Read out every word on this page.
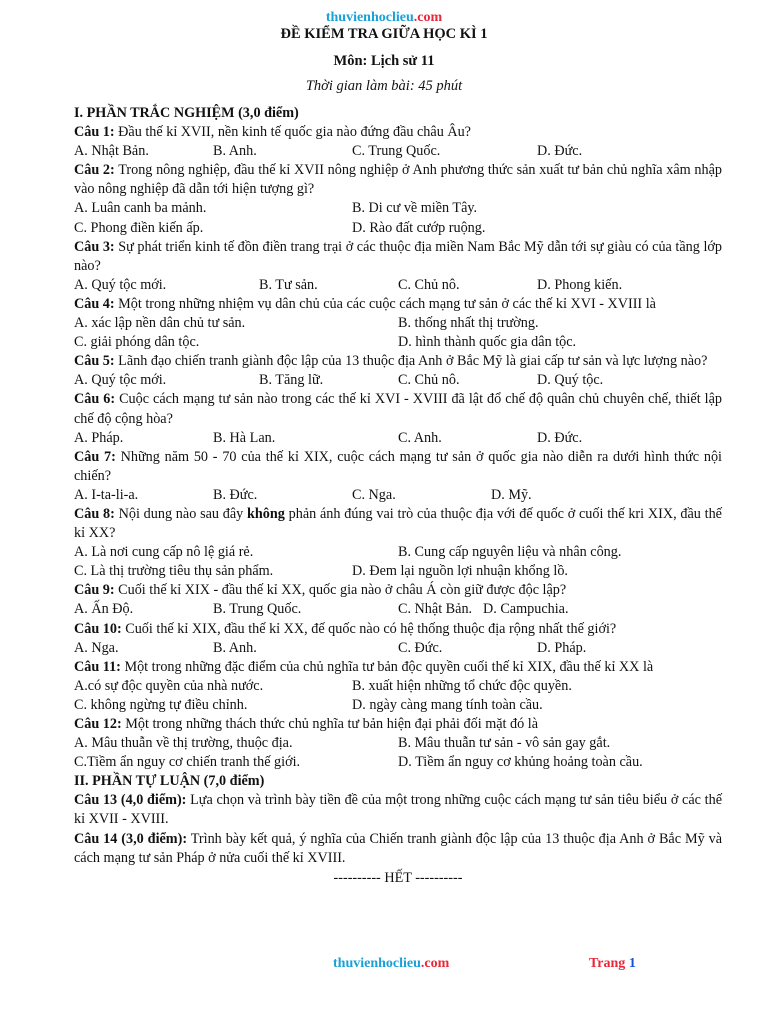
thuvienhoclieu.com
ĐỀ KIỂM TRA GIỮA HỌC KÌ 1
Môn: Lịch sử 11
Thời gian làm bài: 45 phút
I. PHẦN TRẮC NGHIỆM (3,0 điểm)
Câu 1: Đầu thế kỉ XVII, nền kinh tế quốc gia nào đứng đầu châu Âu?
A. Nhật Bản.	B. Anh.	C. Trung Quốc.	D. Đức.
Câu 2: Trong nông nghiệp, đầu thế kỉ XVII nông nghiệp ở Anh phương thức sản xuất tư bản chủ nghĩa xâm nhập vào nông nghiệp đã dẫn tới hiện tượng gì?
A. Luân canh ba mảnh.	B. Di cư về miền Tây.
C. Phong điền kiến ấp.	D. Rào đất cướp ruộng.
Câu 3: Sự phát triển kinh tế đồn điền trang trại ở các thuộc địa miền Nam Bắc Mỹ dẫn tới sự giàu có của tầng lớp nào?
A. Quý tộc mới.	B. Tư sản.	C. Chủ nô.	D. Phong kiến.
Câu 4: Một trong những nhiệm vụ dân chủ của các cuộc cách mạng tư sản ở các thế kỉ XVI - XVIII là
A. xác lập nền dân chủ tư sản.	B. thống nhất thị trường.
C. giải phóng dân tộc.	D. hình thành quốc gia dân tộc.
Câu 5: Lãnh đạo chiến tranh giành độc lập của 13 thuộc địa Anh ở Bắc Mỹ là giai cấp tư sản và lực lượng nào?
A. Quý tộc mới.	B. Tăng lữ.	C. Chủ nô.	D. Quý tộc.
Câu 6: Cuộc cách mạng tư sản nào trong các thế kỉ XVI - XVIII đã lật đổ chế độ quân chủ chuyên chế, thiết lập chế độ cộng hòa?
A. Pháp.	B. Hà Lan.	C. Anh.	D. Đức.
Câu 7: Những năm 50 - 70 của thế kỉ XIX, cuộc cách mạng tư sản ở quốc gia nào diễn ra dưới hình thức nội chiến?
A. I-ta-li-a.	B. Đức.	C. Nga.	D. Mỹ.
Câu 8: Nội dung nào sau đây không phản ánh đúng vai trò của thuộc địa với đế quốc ở cuối thế kri XIX, đầu thế kỉ XX?
A. Là nơi cung cấp nô lệ giá rẻ.	B. Cung cấp nguyên liệu và nhân công.
C. Là thị trường tiêu thụ sản phẩm.	D. Đem lại nguồn lợi nhuận khổng lồ.
Câu 9: Cuối thế kỉ XIX - đầu thế kỉ XX, quốc gia nào ở châu Á còn giữ được độc lập?
A. Ấn Độ.	B. Trung Quốc.	C. Nhật Bản. D. Campuchia.
Câu 10: Cuối thế kỉ XIX, đầu thế kỉ XX, đế quốc nào có hệ thống thuộc địa rộng nhất thế giới?
A. Nga.	B. Anh.	C. Đức.	D. Pháp.
Câu 11: Một trong những đặc điểm của chủ nghĩa tư bản độc quyền cuối thế kỉ XIX, đầu thế kỉ XX là
A.có sự độc quyền của nhà nước.	B. xuất hiện những tổ chức độc quyền.
C. không ngừng tự điều chỉnh.	D. ngày càng mang tính toàn cầu.
Câu 12: Một trong những thách thức chủ nghĩa tư bản hiện đại phải đối mặt đó là
A. Mâu thuẫn về thị trường, thuộc địa.	B. Mâu thuẫn tư sản - vô sản gay gắt.
C.Tiềm ẩn nguy cơ chiến tranh thế giới.	D. Tiềm ẩn nguy cơ khủng hoảng toàn cầu.
II. PHẦN TỰ LUẬN (7,0 điểm)
Câu 13 (4,0 điểm): Lựa chọn và trình bày tiền đề của một trong những cuộc cách mạng tư sản tiêu biểu ở các thế kỉ XVII - XVIII.
Câu 14 (3,0 điểm): Trình bày kết quả, ý nghĩa của Chiến tranh giành độc lập của 13 thuộc địa Anh ở Bắc Mỹ và cách mạng tư sản Pháp ở nửa cuối thế kỉ XVIII.
---------- HẾT ----------
thuvienhoclieu.com	Trang 1
